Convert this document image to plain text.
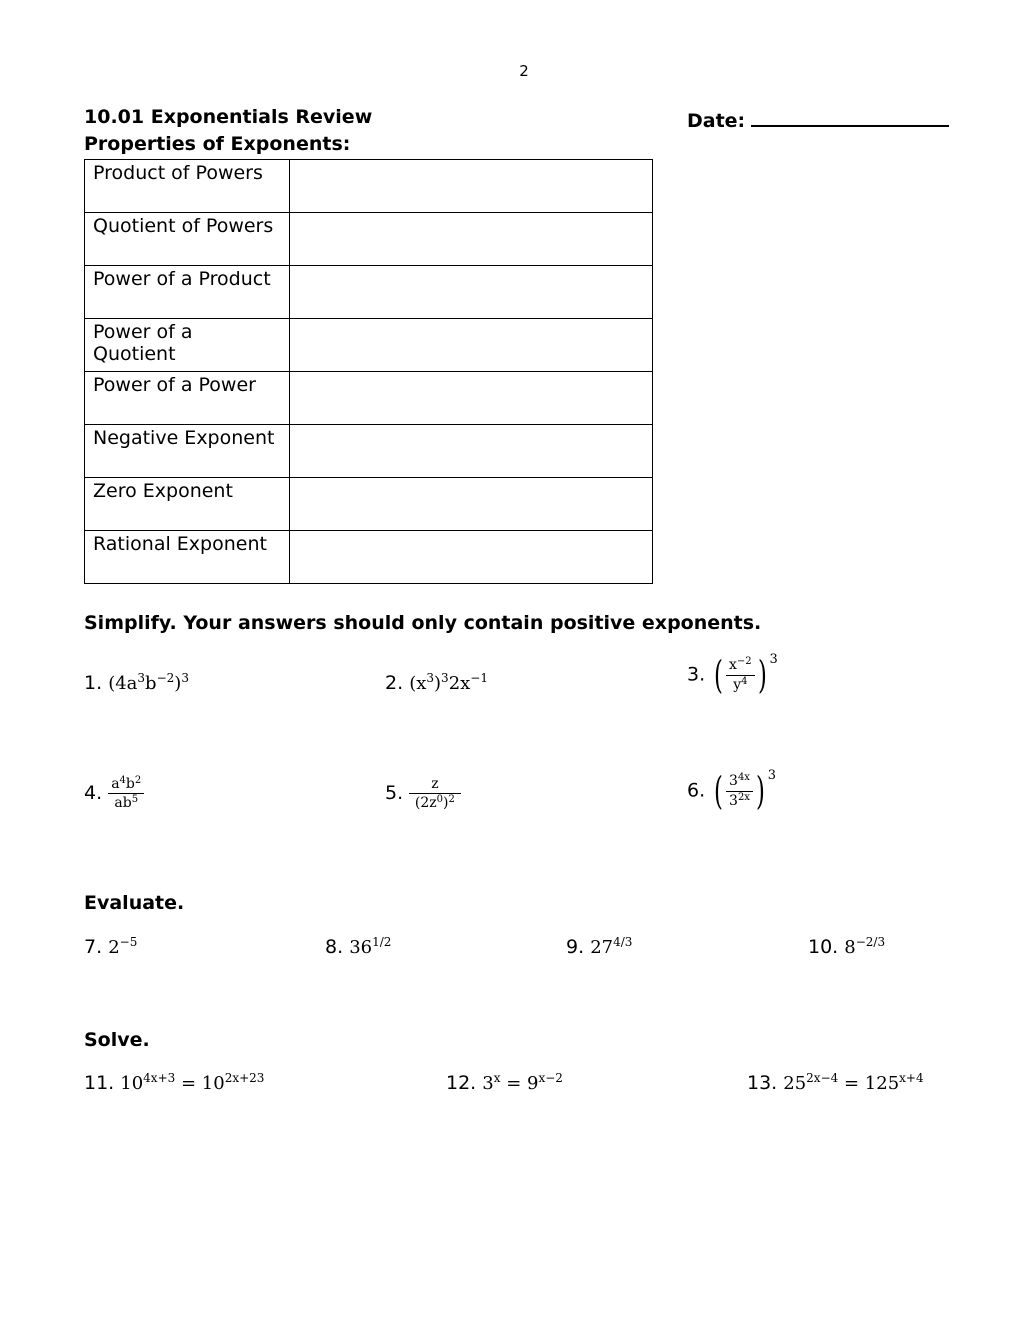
2
10.01 Exponentials Review	Date:
Properties of Exponents:
Product of Powers	
Quotient of Powers	
Power of a Product	
Power of a Quotient	
Power of a Power	
Negative Exponent	
Zero Exponent	
Rational Exponent	
Simplify. Your answers should only contain positive exponents.
1. $(4a^3b^{-2})^3$	2. $(x^3)^32x^{-1}$	3. ( $\frac{x^{-2}}{y^4}$ ) $^3$
4. $\frac{a^4b^2}{ab^5}$	5. $\frac{z}{(2z^0)^2}$	6. ( $\frac{3^{4x}}{3^{2x}}$ ) $^3$
Evaluate.
7. $2^{-5}$	8. $36^{1/2}$	9. $27^{4/3}$	10. $8^{-2/3}$
Solve.
11. $10^{4x+3} = 10^{2x+23}$	12. $3^x = 9^{x-2}$	13. $25^{2x-4} = 125^{x+4}$
